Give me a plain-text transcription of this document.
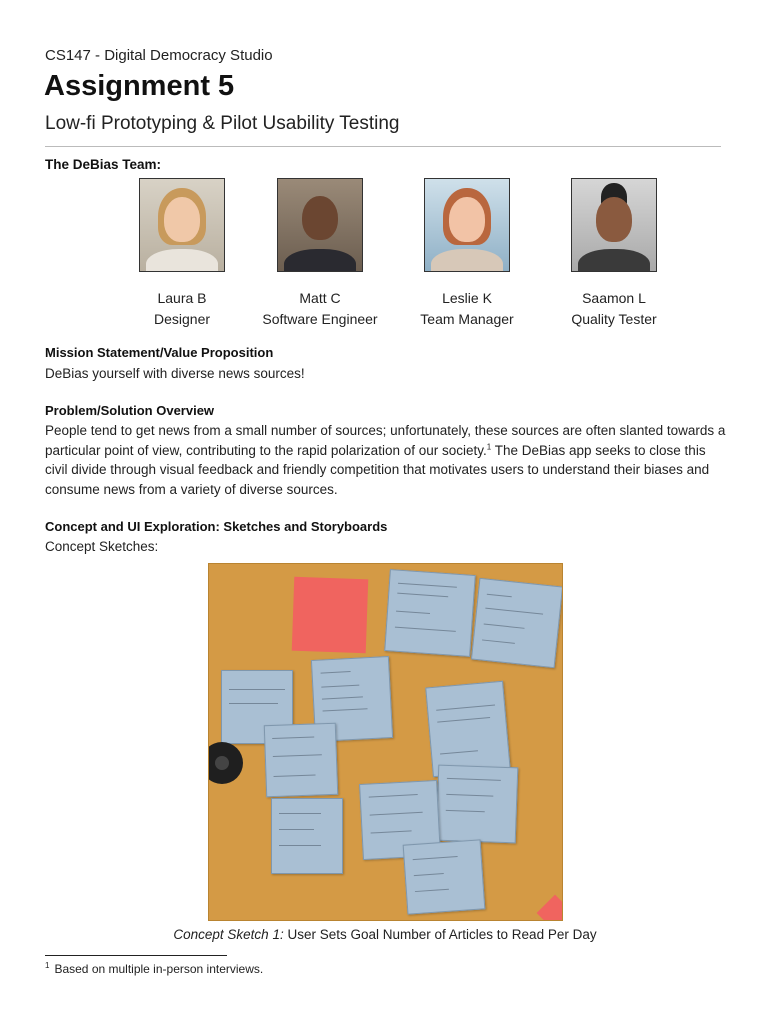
CS147 - Digital Democracy Studio
Assignment 5
Low-fi Prototyping & Pilot Usability Testing
The DeBias Team:
Laura B
Designer
Matt C
Software Engineer
Leslie K
Team Manager
Saamon L
Quality Tester
Mission Statement/Value Proposition
DeBias yourself with diverse news sources!
Problem/Solution Overview
People tend to get news from a small number of sources; unfortunately, these sources are often slanted towards a particular point of view, contributing to the rapid polarization of our society.$^1$ The DeBias app seeks to close this civil divide through visual feedback and friendly competition that motivates users to understand their biases and consume news from a variety of diverse sources.
Concept and UI Exploration: Sketches and Storyboards
Concept Sketches:
Concept Sketch 1: User Sets Goal Number of Articles to Read Per Day
$^1$ Based on multiple in-person interviews.
